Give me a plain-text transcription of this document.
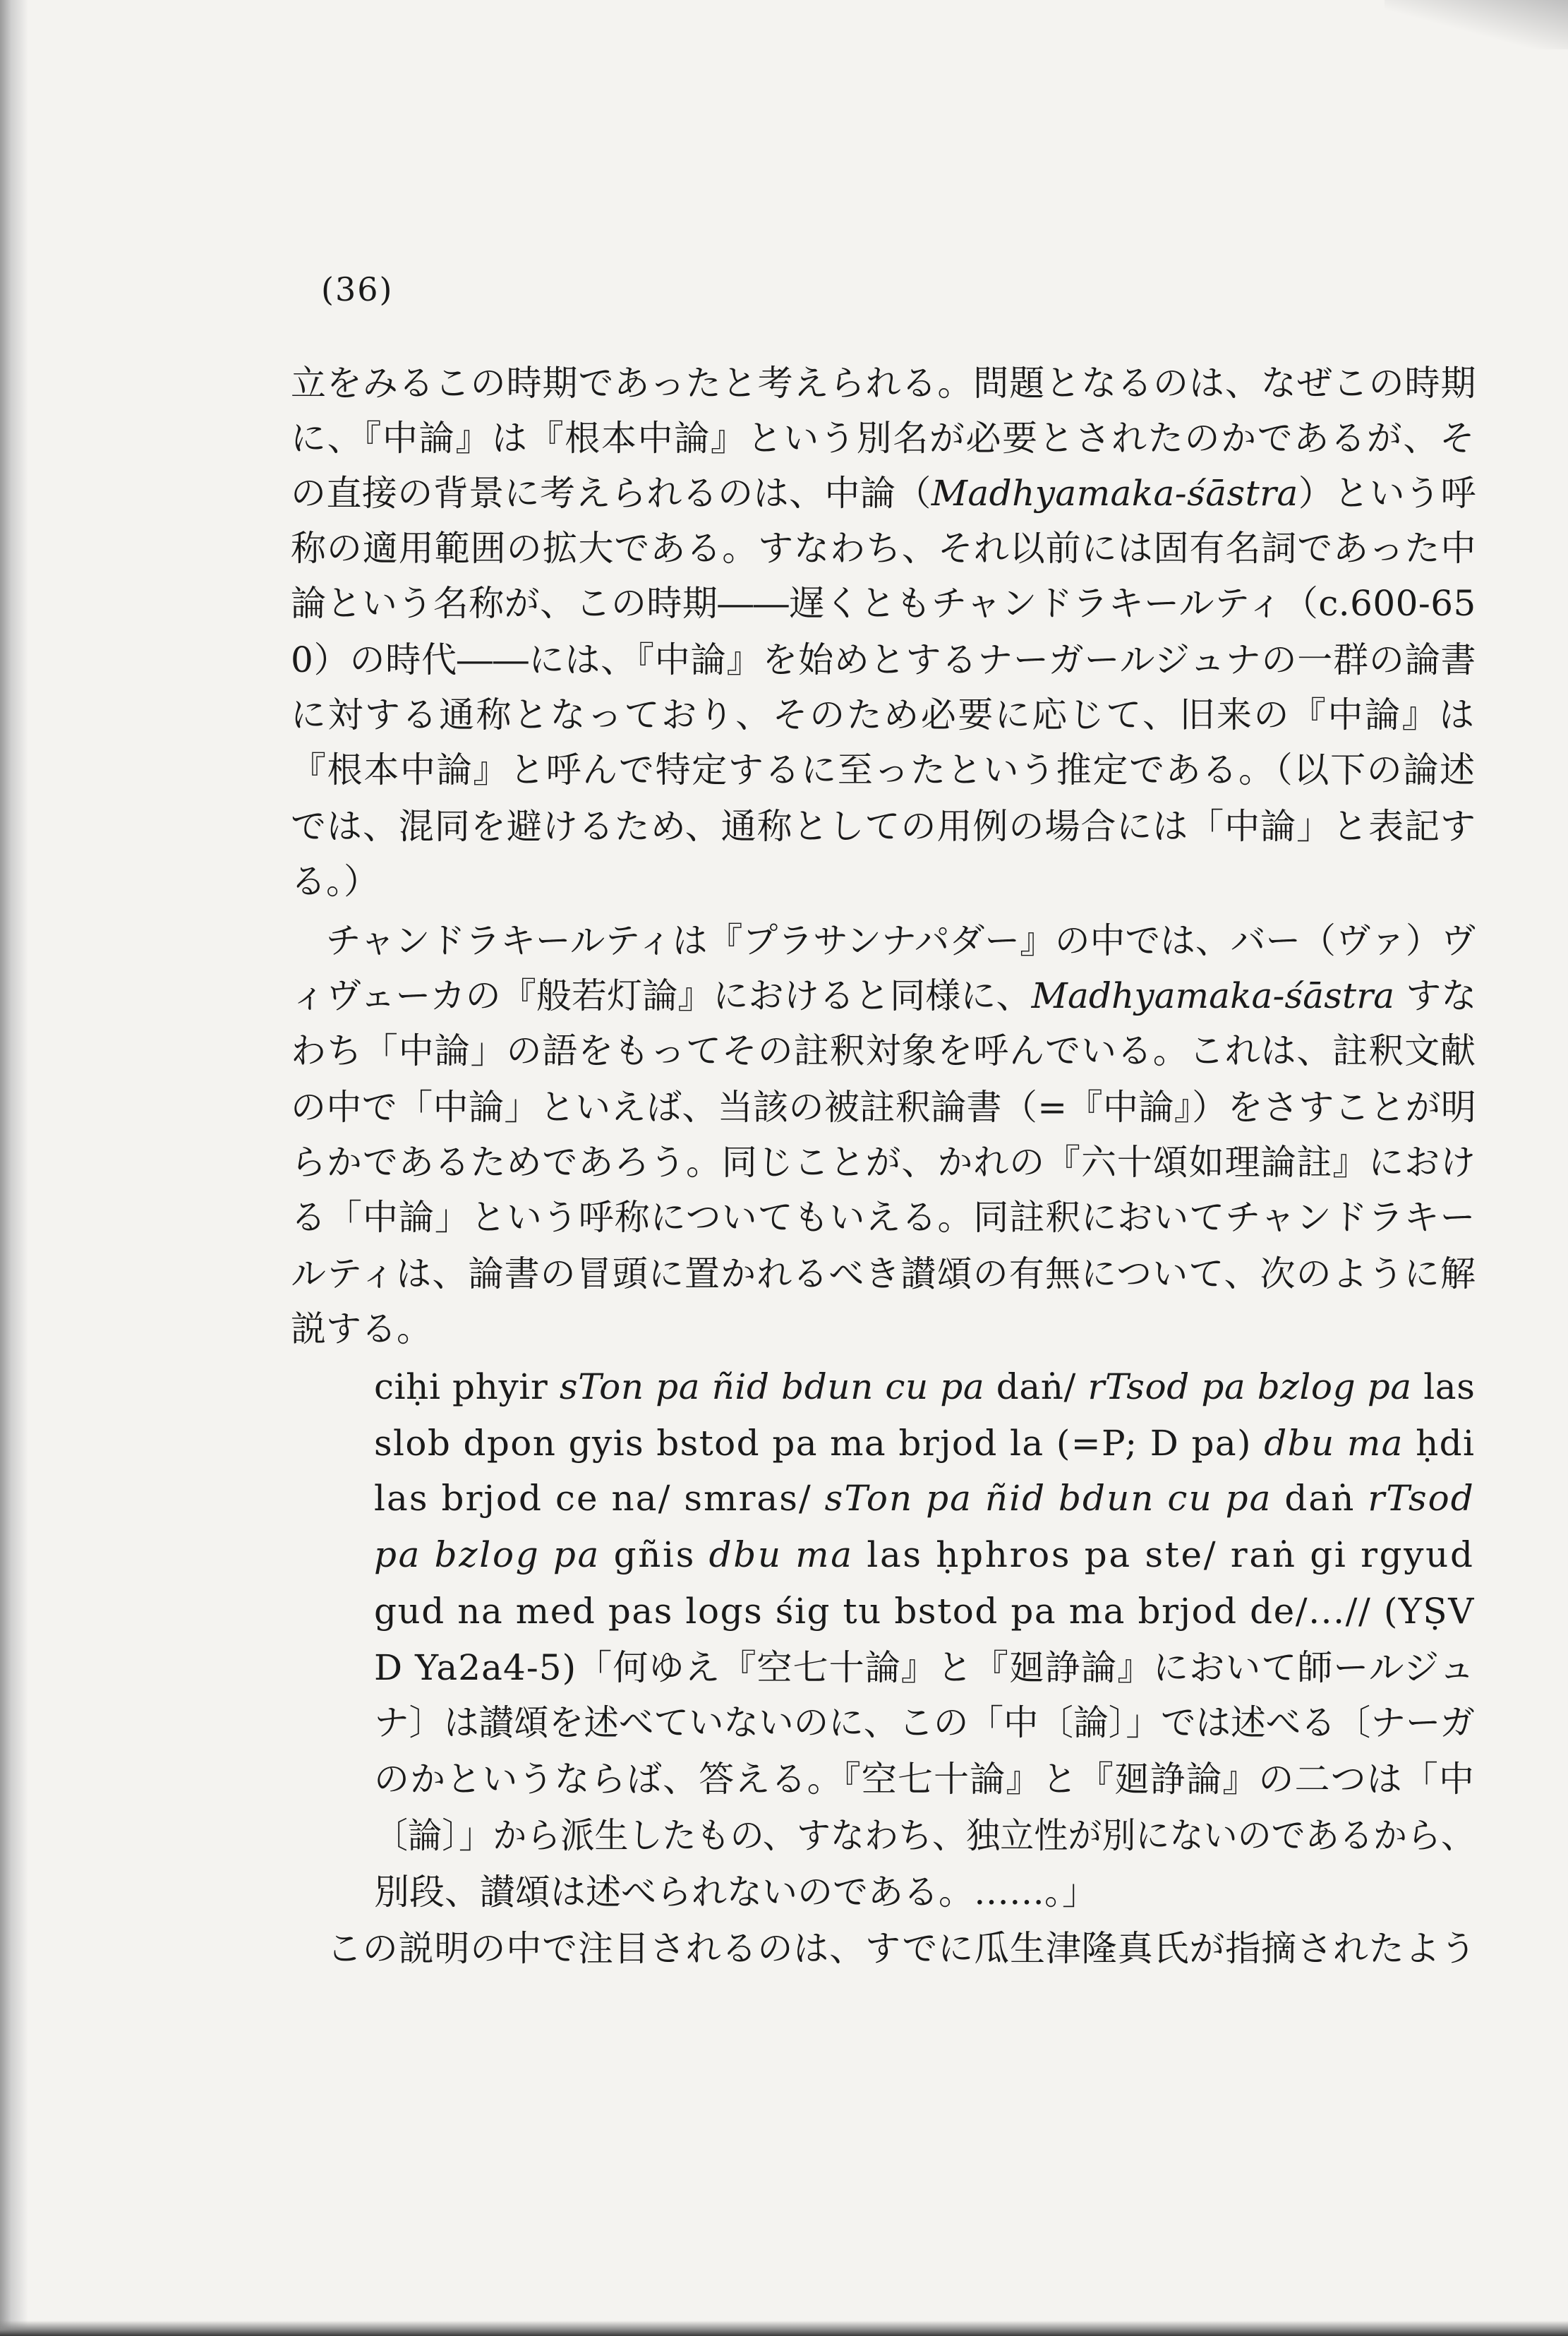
(36)
立をみるこの時期であったと考えられる。問題となるのは、なぜこの時期
に、『中論』は『根本中論』という別名が必要とされたのかであるが、そ
の直接の背景に考えられるのは、中論（Madhyamaka-śāstra）という呼
称の適用範囲の拡大である。すなわち、それ以前には固有名詞であった中
論という名称が、この時期――遅くともチャンドラキールティ（c.600-65
0）の時代――には、『中論』を始めとするナーガールジュナの一群の論書
に対する通称となっており、そのため必要に応じて、旧来の『中論』は
『根本中論』と呼んで特定するに至ったという推定である。（以下の論述
では、混同を避けるため、通称としての用例の場合には「中論」と表記す
る。）
　チャンドラキールティは『プラサンナパダー』の中では、バー（ヴァ）ヴ
ィヴェーカの『般若灯論』におけると同様に、Madhyamaka-śāstra すな
わち「中論」の語をもってその註釈対象を呼んでいる。これは、註釈文献
の中で「中論」といえば、当該の被註釈論書（=『中論』）をさすことが明
らかであるためであろう。同じことが、かれの『六十頌如理論註』におけ
る「中論」という呼称についてもいえる。同註釈においてチャンドラキー
ルティは、論書の冒頭に置かれるべき讃頌の有無について、次のように解
説する。
ciḥi phyir sTon pa ñid bdun cu pa daṅ/ rTsod pa bzlog pa las
slob dpon gyis bstod pa ma brjod la (=P; D pa) dbu ma ḥdi
las brjod ce na/ smras/ sTon pa ñid bdun cu pa daṅ rTsod
pa bzlog pa gñis dbu ma las ḥphros pa ste/ raṅ gi rgyud
gud na med pas logs śig tu bstod pa ma brjod de/...// (YṢV
D Ya2a4-5)「何ゆえ『空七十論』と『廻諍論』において師ールジュ
ナ〕は讃頌を述べていないのに、この「中〔論〕」では述べる〔ナーガ
のかというならば、答える。『空七十論』と『廻諍論』の二つは「中
〔論〕」から派生したもの、すなわち、独立性が別にないのであるから、
別段、讃頌は述べられないのである。……。」
　この説明の中で注目されるのは、すでに瓜生津隆真氏が指摘されたよう
